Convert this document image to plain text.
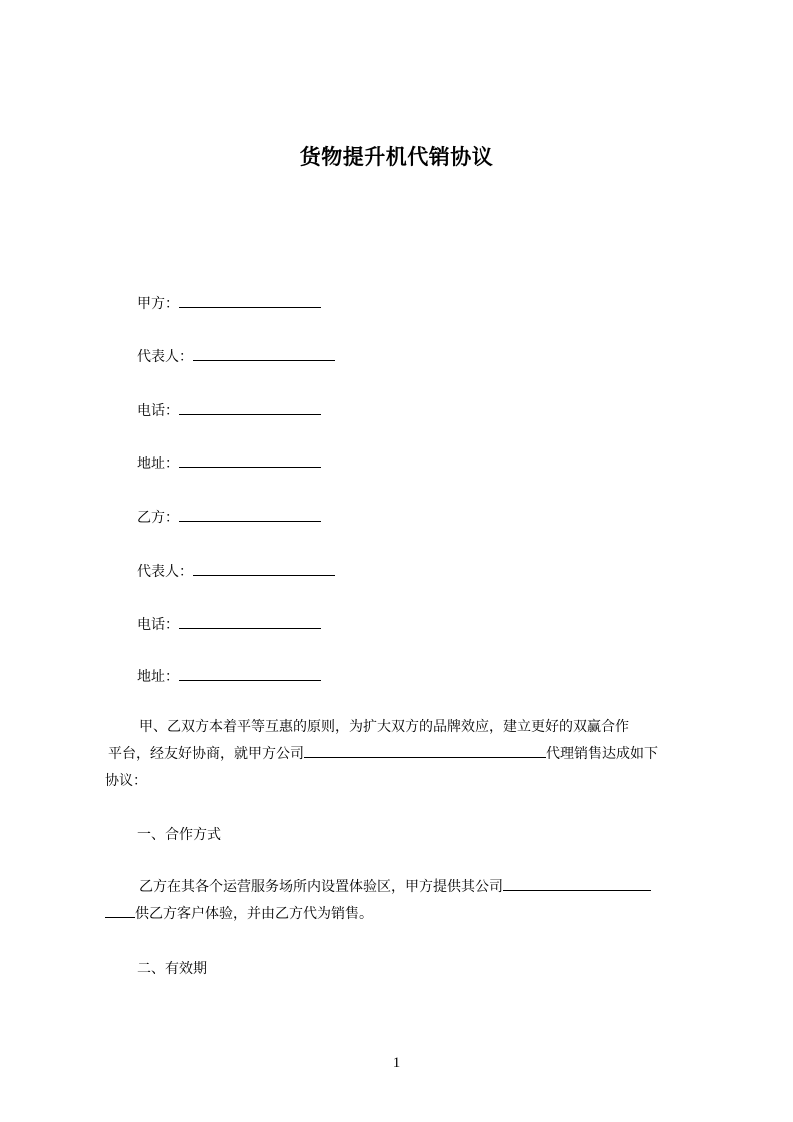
货物提升机代销协议
甲方：
代表人：
电话：
地址：
乙方：
代表人：
电话：
地址：
甲、乙双方本着平等互惠的原则，为扩大双方的品牌效应，建立更好的双赢合作
平台，经友好协商，就甲方公司	代理销售达成如下
协议：
一、合作方式
乙方在其各个运营服务场所内设置体验区，甲方提供其公司
供乙方客户体验，并由乙方代为销售。
二、有效期
1
